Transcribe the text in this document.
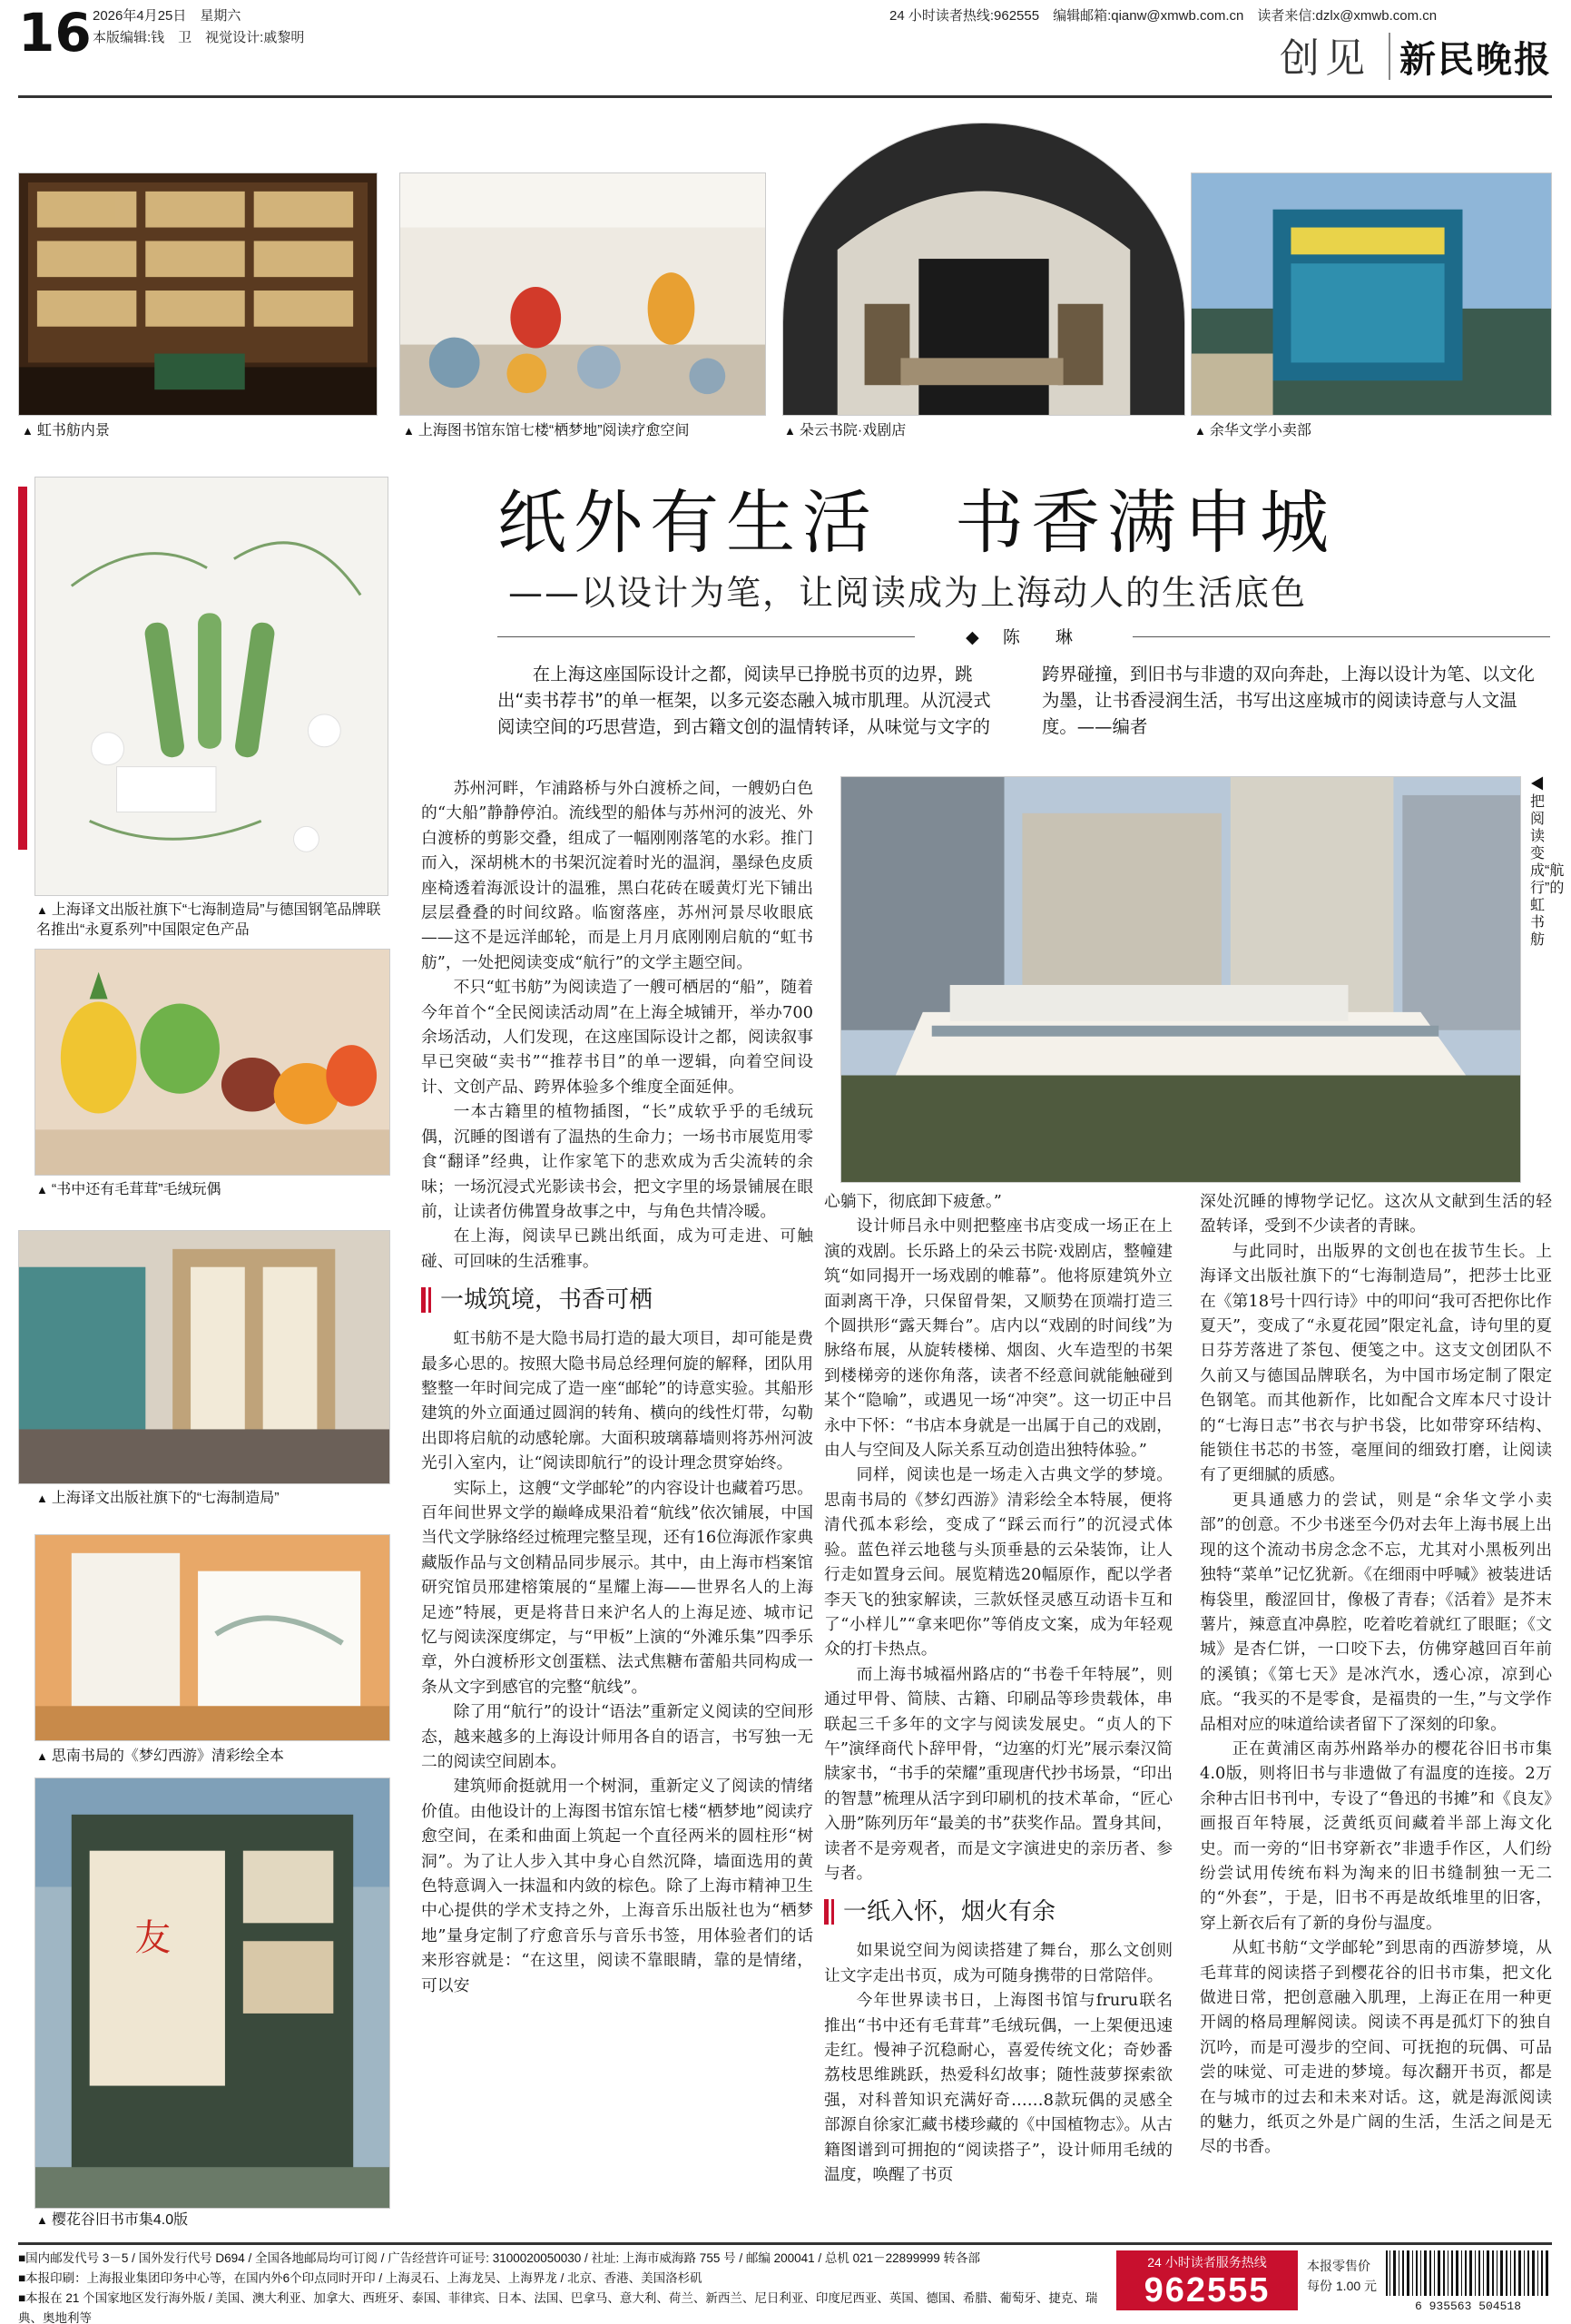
16 2026年4月25日　星期六
本版编辑:钱　卫　视觉设计:戚黎明
24 小时读者热线:962555　编辑邮箱:qianw@xmwb.com.cn　读者来信:dzlx@xmwb.com.cn
创见 新民晚报
▲ 虹书舫内景	▲ 上海图书馆东馆七楼“栖梦地”阅读疗愈空间	▲ 朵云书院·戏剧店	▲ 余华文学小卖部
▲ 上海译文出版社旗下“七海制造局”与德国钢笔品牌联名推出“永夏系列”中国限定色产品
▲ “书中还有毛茸茸”毛绒玩偶
▲ 上海译文出版社旗下的“七海制造局”
▲ 思南书局的《梦幻西游》清彩绘全本
友
▲ 樱花谷旧书市集4.0版
纸外有生活　书香满申城
——以设计为笔，让阅读成为上海动人的生活底色
◆ 陈　琳
在上海这座国际设计之都，阅读早已挣脱书页的边界，跳出“卖书荐书”的单一框架，以多元姿态融入城市肌理。从沉浸式阅读空间的巧思营造，到古籍文创的温情转译，从味觉与文字的跨界碰撞，到旧书与非遗的双向奔赴，上海以设计为笔、以文化为墨，让书香浸润生活，书写出这座城市的阅读诗意与人文温度。——编者
◀把阅读变成“航行”的虹书舫

苏州河畔，乍浦路桥与外白渡桥之间，一艘奶白色的“大船”静静停泊。流线型的船体与苏州河的波光、外白渡桥的剪影交叠，组成了一幅刚刚落笔的水彩。推门而入，深胡桃木的书架沉淀着时光的温润，墨绿色皮质座椅透着海派设计的温雅，黑白花砖在暖黄灯光下铺出层层叠叠的时间纹路。临窗落座，苏州河景尽收眼底——这不是远洋邮轮，而是上月月底刚刚启航的“虹书舫”，一处把阅读变成“航行”的文学主题空间。

不只“虹书舫”为阅读造了一艘可栖居的“船”，随着今年首个“全民阅读活动周”在上海全城铺开，举办700余场活动，人们发现，在这座国际设计之都，阅读叙事早已突破“卖书”“推荐书目”的单一逻辑，向着空间设计、文创产品、跨界体验多个维度全面延伸。

一本古籍里的植物插图，“长”成软乎乎的毛绒玩偶，沉睡的图谱有了温热的生命力；一场书市展览用零食“翻译”经典，让作家笔下的悲欢成为舌尖流转的余味；一场沉浸式光影读书会，把文字里的场景铺展在眼前，让读者仿佛置身故事之中，与角色共情冷暖。

在上海，阅读早已跳出纸面，成为可走进、可触碰、可回味的生活雅事。

一城筑境，书香可栖

虹书舫不是大隐书局打造的最大项目，却可能是费最多心思的。按照大隐书局总经理何旋的解释，团队用整整一年时间完成了造一座“邮轮”的诗意实验。其船形建筑的外立面通过圆润的转角、横向的线性灯带，勾勒出即将启航的动感轮廓。大面积玻璃幕墙则将苏州河波光引入室内，让“阅读即航行”的设计理念贯穿始终。

实际上，这艘“文学邮轮”的内容设计也藏着巧思。百年间世界文学的巅峰成果沿着“航线”依次铺展，中国当代文学脉络经过梳理完整呈现，还有16位海派作家典藏版作品与文创精品同步展示。其中，由上海市档案馆研究馆员邢建榕策展的“星耀上海——世界名人的上海足迹”特展，更是将昔日来沪名人的上海足迹、城市记忆与阅读深度绑定，与“甲板”上演的“外滩乐集”四季乐章，外白渡桥形文创蛋糕、法式焦糖布蕾船共同构成一条从文字到感官的完整“航线”。

除了用“航行”的设计“语法”重新定义阅读的空间形态，越来越多的上海设计师用各自的语言，书写独一无二的阅读空间剧本。

建筑师俞挺就用一个树洞，重新定义了阅读的情绪价值。由他设计的上海图书馆东馆七楼“栖梦地”阅读疗愈空间，在柔和曲面上筑起一个直径两米的圆柱形“树洞”。为了让人步入其中身心自然沉降，墙面选用的黄色特意调入一抹温和内敛的棕色。除了上海市精神卫生中心提供的学术支持之外，上海音乐出版社也为“栖梦地”量身定制了疗愈音乐与音乐书签，用体验者们的话来形容就是：“在这里，阅读不靠眼睛，靠的是情绪，可以安

心躺下，彻底卸下疲惫。”

设计师吕永中则把整座书店变成一场正在上演的戏剧。长乐路上的朵云书院·戏剧店，整幢建筑“如同揭开一场戏剧的帷幕”。他将原建筑外立面剥离干净，只保留骨架，又顺势在顶端打造三个圆拱形“露天舞台”。店内以“戏剧的时间线”为脉络布展，从旋转楼梯、烟囱、火车造型的书架到楼梯旁的迷你角落，读者不经意间就能触碰到某个“隐喻”，或遇见一场“冲突”。这一切正中吕永中下怀：“书店本身就是一出属于自己的戏剧，由人与空间及人际关系互动创造出独特体验。”

同样，阅读也是一场走入古典文学的梦境。思南书局的《梦幻西游》清彩绘全本特展，便将清代孤本彩绘，变成了“踩云而行”的沉浸式体验。蓝色祥云地毯与头顶垂悬的云朵装饰，让人行走如置身云间。展览精选20幅原作，配以学者李天飞的独家解读，三款妖怪灵感互动语卡互和了“小样儿”“拿来吧你”等俏皮文案，成为年轻观众的打卡热点。

而上海书城福州路店的“书卷千年特展”，则通过甲骨、简牍、古籍、印刷品等珍贵载体，串联起三千多年的文字与阅读发展史。“贞人的下午”演绎商代卜辞甲骨，“边塞的灯光”展示秦汉简牍家书，“书手的荣耀”重现唐代抄书场景，“印出的智慧”梳理从活字到印刷机的技术革命，“匠心入册”陈列历年“最美的书”获奖作品。置身其间，读者不是旁观者，而是文字演进史的亲历者、参与者。

一纸入怀，烟火有余

如果说空间为阅读搭建了舞台，那么文创则让文字走出书页，成为可随身携带的日常陪伴。

今年世界读书日，上海图书馆与fruru联名推出“书中还有毛茸茸”毛绒玩偶，一上架便迅速走红。慢神子沉稳耐心，喜爱传统文化；奇妙番荔枝思维跳跃，热爱科幻故事；随性菠萝探索欲强，对科普知识充满好奇……8款玩偶的灵感全部源自徐家汇藏书楼珍藏的《中国植物志》。从古籍图谱到可拥抱的“阅读搭子”，设计师用毛绒的温度，唤醒了书页

深处沉睡的博物学记忆。这次从文献到生活的轻盈转译，受到不少读者的青睐。

与此同时，出版界的文创也在拔节生长。上海译文出版社旗下的“七海制造局”，把莎士比亚在《第18号十四行诗》中的叩问“我可否把你比作夏天”，变成了“永夏花园”限定礼盒，诗句里的夏日芬芳落进了茶包、便笺之中。这支文创团队不久前又与德国品牌联名，为中国市场定制了限定色钢笔。而其他新作，比如配合文库本尺寸设计的“七海日志”书衣与护书袋，比如带穿环结构、能锁住书芯的书签，毫厘间的细致打磨，让阅读有了更细腻的质感。

更具通感力的尝试，则是“余华文学小卖部”的创意。不少书迷至今仍对去年上海书展上出现的这个流动书房念念不忘，尤其对小黑板列出独特“菜单”记忆犹新。《在细雨中呼喊》被装进话梅袋里，酸涩回甘，像极了青春；《活着》是芥末薯片，辣意直冲鼻腔，吃着吃着就红了眼眶；《文城》是杏仁饼，一口咬下去，仿佛穿越回百年前的溪镇；《第七天》是冰汽水，透心凉，凉到心底。“我买的不是零食，是福贵的一生，”与文学作品相对应的味道给读者留下了深刻的印象。

正在黄浦区南苏州路举办的樱花谷旧书市集4.0版，则将旧书与非遗做了有温度的连接。2万余种古旧书刊中，专设了“鲁迅的书摊”和《良友》画报百年特展，泛黄纸页间藏着半部上海文化史。而一旁的“旧书穿新衣”非遗手作区，人们纷纷尝试用传统布料为淘来的旧书缝制独一无二的“外套”，于是，旧书不再是故纸堆里的旧客，穿上新衣后有了新的身份与温度。

从虹书舫“文学邮轮”到思南的西游梦境，从毛茸茸的阅读搭子到樱花谷的旧书市集，把文化做进日常，把创意融入肌理，上海正在用一种更开阔的格局理解阅读。阅读不再是孤灯下的独自沉吟，而是可漫步的空间、可抚抱的玩偶、可品尝的味觉、可走进的梦境。每次翻开书页，都是在与城市的过去和未来对话。这，就是海派阅读的魅力，纸页之外是广阔的生活，生活之间是无尽的书香。

■国内邮发代号 3－5 / 国外发行代号 D694 / 全国各地邮局均可订阅 / 广告经营许可证号: 3100020050030 / 社址: 上海市威海路 755 号 / 邮编 200041 / 总机 021－22899999 转各部
■本报印刷：上海报业集团印务中心等，在国内外6个印点同时开印 / 上海灵石、上海龙吴、上海界龙 / 北京、香港、美国洛杉矶
■本报在 21 个国家地区发行海外版 / 美国、澳大利亚、加拿大、西班牙、泰国、菲律宾、日本、法国、巴拿马、意大利、荷兰、新西兰、尼日利亚、印度尼西亚、英国、德国、希腊、葡萄牙、捷克、瑞典、奥地利等
24 小时读者服务热线
962555
本报零售价
每份 1.00 元
6 935563 504518
